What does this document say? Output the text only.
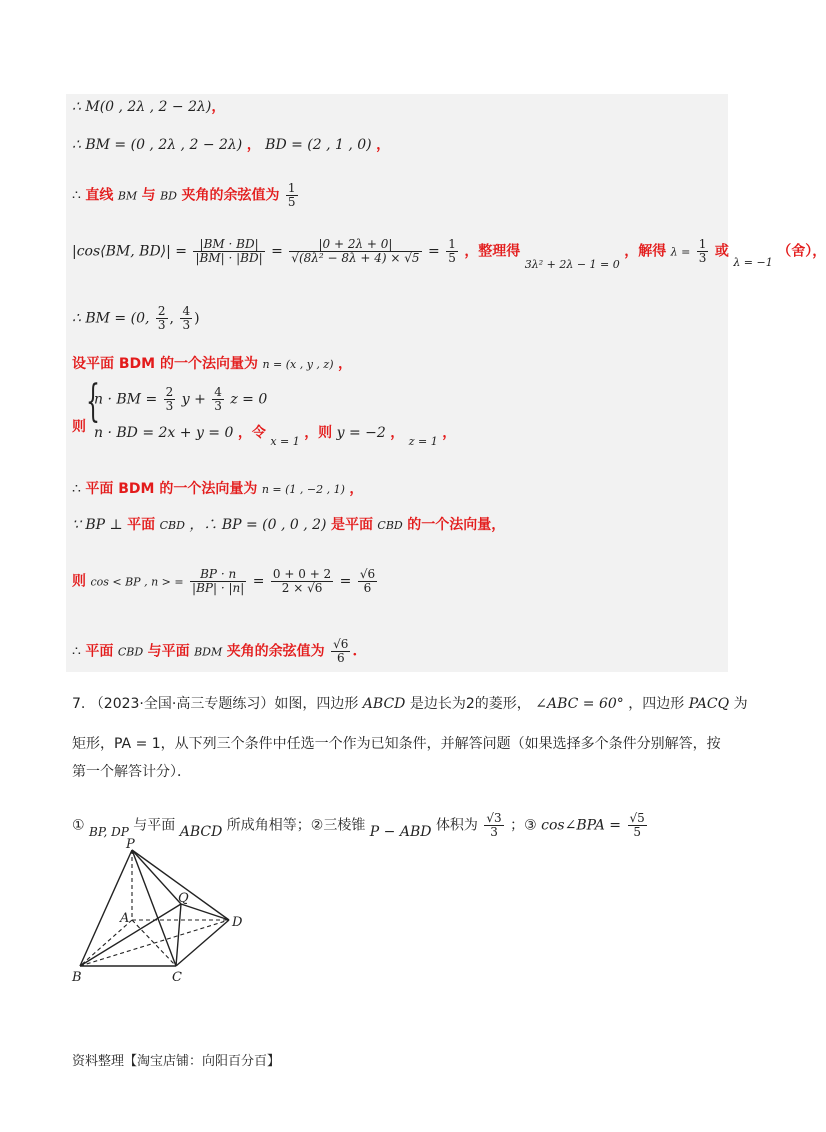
∴ M(0 , 2λ , 2 − 2λ)，
∴ BM = (0 , 2λ , 2 − 2λ) ， BD = (2 , 1 , 0) ，
∴ 直线 BM 与 BD 夹角的余弦值为 $\frac{1}{5}$
|cos⟨BM, BD⟩| = $\frac{|BM \cdot BD|}{|BM| \cdot |BD|} = \frac{|0 + 2\lambda + 0|}{\text{√(8λ² − 8λ + 4) × √5}} = \frac{1}{5}$ ，整理得 $_{3\lambda^2 + 2\lambda - 1 = 0}$ ，解得 $\lambda = \frac{1}{3}$ 或 $_{\lambda = -1}$ （舍），
∴ BM = (0, $\frac{2}{3}$ , $\frac{4}{3}$ )
设平面 BDM 的一个法向量为 n = (x , y , z) ，
{
则
n · BM = $\frac{2}{3}$ $y + \frac{4}{3}$ z = 0
n · BD = 2x + y = 0 ，令 $_{x = 1}$ ，则 y = −2 ， $_{z = 1}$ ，
∴ 平面 BDM 的一个法向量为 n = (1 , −2 , 1) ，
∵ BP ⊥ 平面 CBD ，∴ BP = (0 , 0 , 2) 是平面 CBD 的一个法向量，
则 cos < BP , n > = $\frac{BP \cdot n}{|BP| \cdot |n|} = \frac{0 + 0 + 2}{2 \times √6} = \frac{√6}{6}$
∴ 平面 CBD 与平面 BDM 夹角的余弦值为 $\frac{√6}{6}$ .
7. （2023·全国·高三专题练习）如图，四边形 ABCD 是边长为2的菱形， ∠ABC = 60° ，四边形 PACQ 为
矩形，PA = 1，从下列三个条件中任选一个作为已知条件，并解答问题（如果选择多个条件分别解答，按
第一个解答计分）．
① BP, DP 与平面 ABCD 所成角相等；②三棱锥 P − ABD 体积为 $\frac{√3}{3}$ ；③ cos∠BPA = $\frac{√5}{5}$
P
Q
A	D
B	C
资料整理【淘宝店铺：向阳百分百】
